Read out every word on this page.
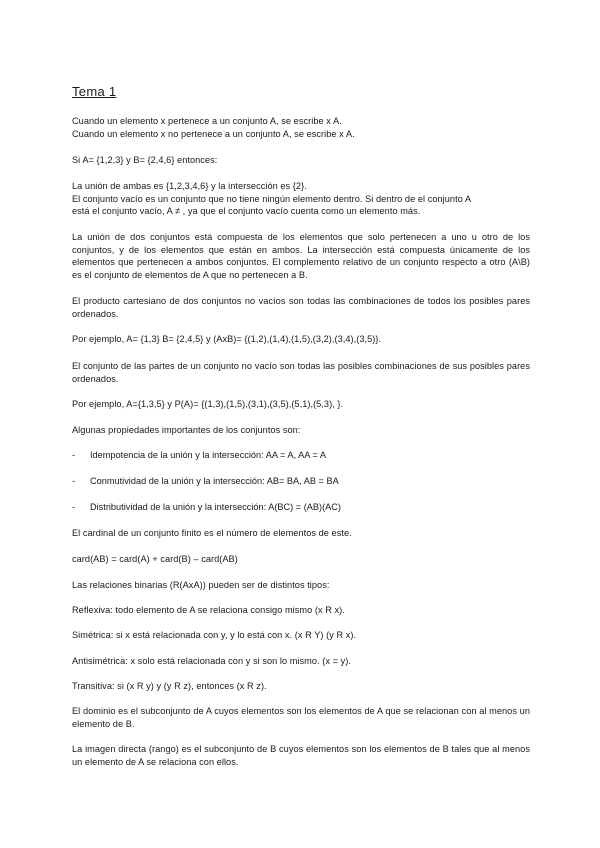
Tema 1
Cuando un elemento x pertenece a un conjunto A, se escribe x A.
Cuando un elemento x no pertenece a un conjunto A, se escribe x A.
Si A= {1,2,3} y B= {2,4,6} entonces:
La unión de ambas es {1,2,3,4,6} y la intersección es {2}.
El conjunto vacío es un conjunto que no tiene ningún elemento dentro. Si dentro de el conjunto A
está el conjunto vacío, A ≠ , ya que el conjunto vacío cuenta como un elemento más.
La unión de dos conjuntos está compuesta de los elementos que solo pertenecen a uno u otro de los conjuntos, y de los elementos que están en ambos. La intersección está compuesta únicamente de los elementos que pertenecen a ambos conjuntos. El complemento relativo de un conjunto respecto a otro (A\B) es el conjunto de elementos de A que no pertenecen a B.
El producto cartesiano de dos conjuntos no vacíos son todas las combinaciones de todos los posibles pares ordenados.
Por ejemplo, A= {1,3} B= {2,4,5} y (AxB)= {(1,2),(1,4),(1,5),(3,2),(3,4),(3,5)}.
El conjunto de las partes de un conjunto no vacío son todas las posibles combinaciones de sus posibles pares ordenados.
Por ejemplo, A={1,3,5} y P(A)= {(1,3),(1,5),(3,1),(3,5),(5,1),(5,3), }.
Algunas propiedades importantes de los conjuntos son:
- Idempotencia de la unión y la intersección: AA = A, AA = A
- Conmutividad de la unión y la intersección: AB= BA, AB = BA
- Distributividad de la unión y la intersección: A(BC) = (AB)(AC)
El cardinal de un conjunto finito es el número de elementos de este.
card(AB) = card(A) + card(B) – card(AB)
Las relaciones binarias (R(AxA)) pueden ser de distintos tipos:
Reflexiva: todo elemento de A se relaciona consigo mismo (x R x).
Simétrica: si x está relacionada con y, y lo está con x. (x R Y) (y R x).
Antisimétrica: x solo está relacionada con y si son lo mismo. (x = y).
Transitiva: si (x R y) y (y R z), entonces (x R z).
El dominio es el subconjunto de A cuyos elementos son los elementos de A que se relacionan con al menos un elemento de B.
La imagen directa (rango) es el subconjunto de B cuyos elementos son los elementos de B tales que al menos un elemento de A se relaciona con ellos.
